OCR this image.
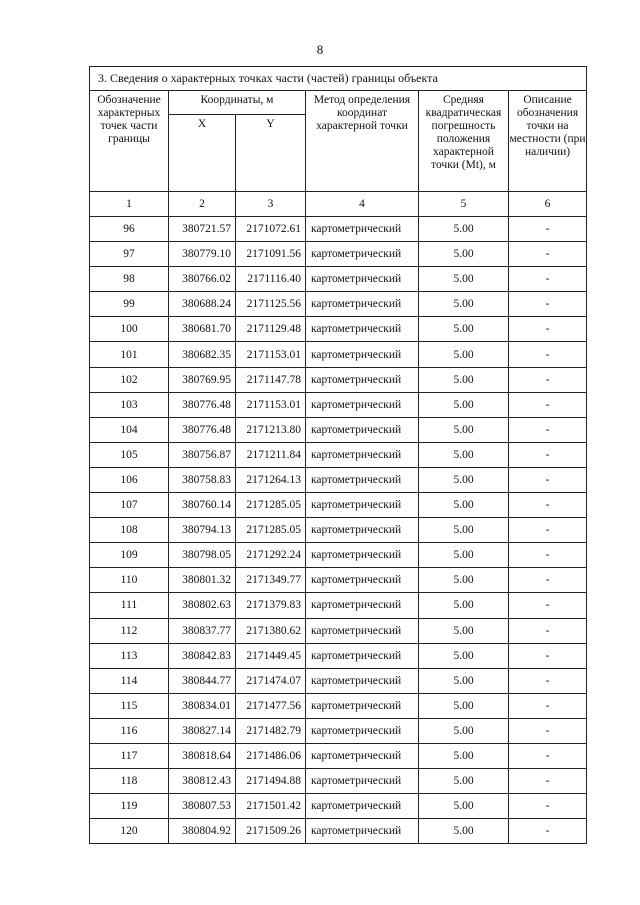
8
3. Сведения о характерных точках части (частей) границы объекта					
Обозначение характерных точек части границы	Координаты, м		Метод определения координат характерной точки	Средняя квадратическая погрешность положения характерной точки (Mt), м	Описание обозначения точки на местности (при наличии)
	X	Y			
1	2	3	4	5	6
96	380721.57	2171072.61	картометрический	5.00	-
97	380779.10	2171091.56	картометрический	5.00	-
98	380766.02	2171116.40	картометрический	5.00	-
99	380688.24	2171125.56	картометрический	5.00	-
100	380681.70	2171129.48	картометрический	5.00	-
101	380682.35	2171153.01	картометрический	5.00	-
102	380769.95	2171147.78	картометрический	5.00	-
103	380776.48	2171153.01	картометрический	5.00	-
104	380776.48	2171213.80	картометрический	5.00	-
105	380756.87	2171211.84	картометрический	5.00	-
106	380758.83	2171264.13	картометрический	5.00	-
107	380760.14	2171285.05	картометрический	5.00	-
108	380794.13	2171285.05	картометрический	5.00	-
109	380798.05	2171292.24	картометрический	5.00	-
110	380801.32	2171349.77	картометрический	5.00	-
111	380802.63	2171379.83	картометрический	5.00	-
112	380837.77	2171380.62	картометрический	5.00	-
113	380842.83	2171449.45	картометрический	5.00	-
114	380844.77	2171474.07	картометрический	5.00	-
115	380834.01	2171477.56	картометрический	5.00	-
116	380827.14	2171482.79	картометрический	5.00	-
117	380818.64	2171486.06	картометрический	5.00	-
118	380812.43	2171494.88	картометрический	5.00	-
119	380807.53	2171501.42	картометрический	5.00	-
120	380804.92	2171509.26	картометрический	5.00	-
